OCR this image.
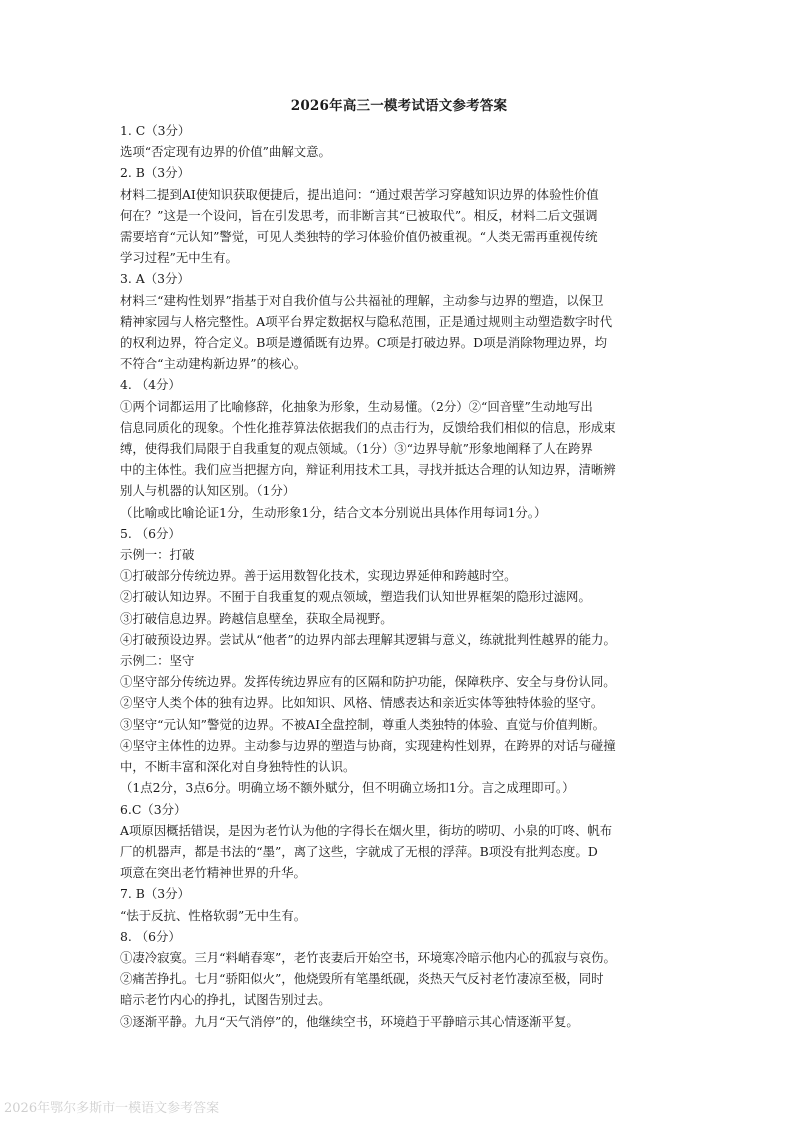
2026年高三一模考试语文参考答案

1. C（3分）

选项“否定现有边界的价值”曲解文意。

2. B（3分）

材料二提到AI使知识获取便捷后，提出追问：“通过艰苦学习穿越知识边界的体验性价值

何在？”这是一个设问，旨在引发思考，而非断言其“已被取代”。相反，材料二后文强调

需要培育“元认知”警觉，可见人类独特的学习体验价值仍被重视。“人类无需再重视传统

学习过程”无中生有。

3. A（3分）

材料三“建构性划界”指基于对自我价值与公共福祉的理解，主动参与边界的塑造，以保卫

精神家园与人格完整性。A项平台界定数据权与隐私范围，正是通过规则主动塑造数字时代

的权利边界，符合定义。B项是遵循既有边界。C项是打破边界。D项是消除物理边界，均

不符合“主动建构新边界”的核心。

4. （4分）

①两个词都运用了比喻修辞，化抽象为形象，生动易懂。（2分）②“回音壁”生动地写出

信息同质化的现象。个性化推荐算法依据我们的点击行为，反馈给我们相似的信息，形成束

缚，使得我们局限于自我重复的观点领域。（1分）③“边界导航”形象地阐释了人在跨界

中的主体性。我们应当把握方向，辩证利用技术工具，寻找并抵达合理的认知边界，清晰辨

别人与机器的认知区别。（1分）

（比喻或比喻论证1分，生动形象1分，结合文本分别说出具体作用每词1分。）

5. （6分）

示例一：打破

①打破部分传统边界。善于运用数智化技术，实现边界延伸和跨越时空。

②打破认知边界。不囿于自我重复的观点领域，塑造我们认知世界框架的隐形过滤网。

③打破信息边界。跨越信息壁垒，获取全局视野。

④打破预设边界。尝试从“他者”的边界内部去理解其逻辑与意义，练就批判性越界的能力。

示例二：坚守

①坚守部分传统边界。发挥传统边界应有的区隔和防护功能，保障秩序、安全与身份认同。

②坚守人类个体的独有边界。比如知识、风格、情感表达和亲近实体等独特体验的坚守。

③坚守“元认知”警觉的边界。不被AI全盘控制，尊重人类独特的体验、直觉与价值判断。

④坚守主体性的边界。主动参与边界的塑造与协商，实现建构性划界，在跨界的对话与碰撞

中，不断丰富和深化对自身独特性的认识。

（1点2分，3点6分。明确立场不额外赋分，但不明确立场扣1分。言之成理即可。）

6.C（3分）

A项原因概括错误，是因为老竹认为他的字得长在烟火里，街坊的唠叨、小泉的叮咚、帆布

厂的机器声，都是书法的“墨”，离了这些，字就成了无根的浮萍。B项没有批判态度。D

项意在突出老竹精神世界的升华。

7. B（3分）

“怯于反抗、性格软弱”无中生有。

8. （6分）

①凄冷寂寞。三月“料峭春寒”，老竹丧妻后开始空书，环境寒冷暗示他内心的孤寂与哀伤。

②痛苦挣扎。七月“骄阳似火”，他烧毁所有笔墨纸砚，炎热天气反衬老竹凄凉至极，同时

暗示老竹内心的挣扎，试图告别过去。

③逐渐平静。九月“天气消停”的，他继续空书，环境趋于平静暗示其心情逐渐平复。

2026年鄂尔多斯市一模语文参考答案
